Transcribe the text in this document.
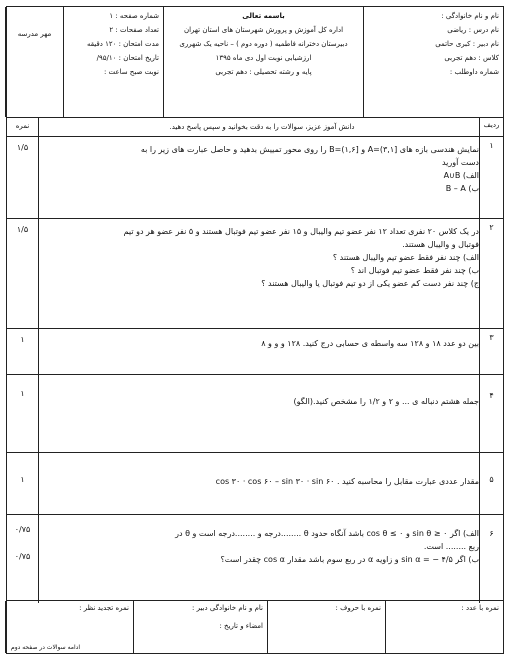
نام و نام خانوادگی :
نام درس : ریاضی
نام دبیر : کبری حاتمی
کلاس : دهم تجربی
شماره داوطلب :
باسمه تعالی
اداره کل آموزش و پرورش شهرستان های استان تهران
دبیرستان دخترانه فاطمیه ( دوره دوم ) – ناحیه یک شهرری
ارزشیابی نوبت اول دی ماه ۱۳۹۵
پایه و رشته تحصیلی : دهم تجربی
شماره صفحه : ۱
تعداد صفحات : ۲
مدت امتحان : ۱۲۰ دقیقه
تاریخ امتحان : ۹۵/۱۰/
نوبت صبح ساعت :
مهر مدرسه
ردیف
نمره	دانش آموز عزیز، سوالات را به دقت بخوانید و سپس پاسخ دهید.
۱
۱/۵	نمایش هندسی بازه های [۳,۱)=A و [۱,۶)=B را روی محور تمییش بدهید و حاصل عبارت های زیر را به
دست آورید
الف) A∪B
ب) B – A
۲
۱/۵	در یک کلاس ۲۰ نفری تعداد ۱۲ نفر عضو تیم والیبال و ۱۵ نفر عضو تیم فوتبال هستند و ۵ نفر عضو هر دو تیم
فوتبال و والیبال هستند.
الف) چند نفر فقط عضو تیم والیبال هستند ؟
ب) چند نفر فقط عضو تیم فوتبال اند ؟
ج) چند نفر دست کم عضو یکی از دو تیم فوتبال یا والیبال هستند ؟
۳
۱	بین دو عدد ۱۸ و ۱۲۸ سه واسطه ی حسابی درج کنید. ۱۲۸ و و و ۸
۴
۱
جمله هشتم دنباله ی ... و ۲ و ۱/۲ را مشخص کنید.(الگو)
۵
۱	مقدار عددی عبارت مقابل را محاسبه کنید . cos ۳۰ · cos ۶۰ – sin ۳۰ · sin ۶۰
۶
۰/۷۵
۰/۷۵
الف) اگر sin θ ≥ ۰ و cos θ ≤ ۰ باشد آنگاه حدود θ ........درجه و ........درجه است و θ در
ربع ........ است.
ب) اگر sin α = − ۴/۵ و زاویه α در ربع سوم باشد مقدار cos α چقدر است؟
نمره با عدد :
نمره با حروف :
نام و نام خانوادگی دبیر :
امضاء و تاریخ :
نمره تجدید نظر :
ادامه سوالات در صفحه دوم
